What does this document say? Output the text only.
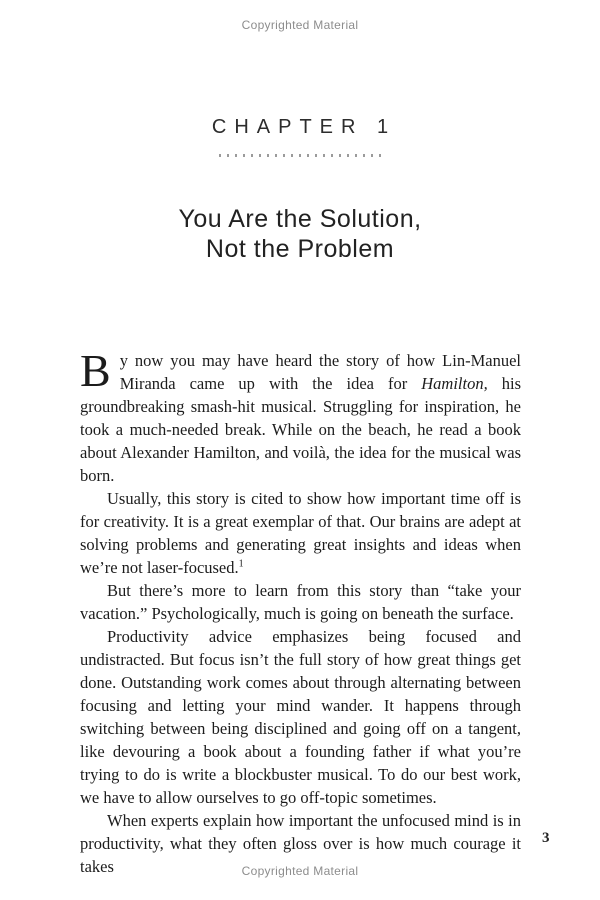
Copyrighted Material
CHAPTER 1
You Are the Solution,
Not the Problem

By now you may have heard the story of how Lin-Manuel Miranda came up with the idea for Hamilton, his groundbreaking smash-hit musical. Struggling for inspiration, he took a much-needed break. While on the beach, he read a book about Alexander Hamilton, and voilà, the idea for the musical was born.

Usually, this story is cited to show how important time off is for creativity. It is a great exemplar of that. Our brains are adept at solving problems and generating great insights and ideas when we’re not laser-focused.$^1$

But there’s more to learn from this story than “take your vacation.” Psychologically, much is going on beneath the surface.

Productivity advice emphasizes being focused and undistracted. But focus isn’t the full story of how great things get done. Outstanding work comes about through alternating between focusing and letting your mind wander. It happens through switching between being disciplined and going off on a tangent, like devouring a book about a founding father if what you’re trying to do is write a blockbuster musical. To do our best work, we have to allow ourselves to go off-topic sometimes.

When experts explain how important the unfocused mind is in productivity, what they often gloss over is how much courage it takes

3
Copyrighted Material
